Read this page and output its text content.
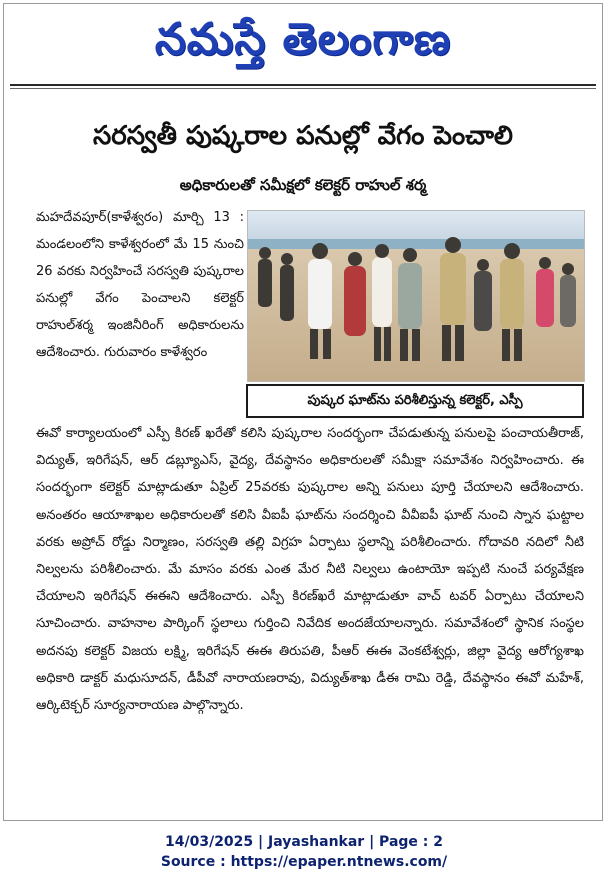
నమస్తే తెలంగాణ
సరస్వతీ పుష్కరాల పనుల్లో వేగం పెంచాలి
అధికారులతో సమీక్షలో కలెక్టర్ రాహుల్ శర్మ
మహదేవపూర్(కాళేశ్వరం) మార్చి 13 : మండలంలోని కాళేశ్వరంలో మే 15 నుంచి 26 వరకు నిర్వహించే సరస్వతి పుష్కరాల పనుల్లో వేగం పెంచాలని కలెక్టర్ రాహుల్‌శర్మ ఇంజినీరింగ్ అధికారులను ఆదేశించారు. గురువారం కాళేశ్వరం
పుష్కర ఘాట్‌ను పరిశీలిస్తున్న కలెక్టర్, ఎస్పీ

ఈవో కార్యాలయంలో ఎస్పీ కిరణ్ ఖరేతో కలిసి పుష్కరాల సందర్భంగా చేపడుతున్న పనులపై పంచాయతీరాజ్, విద్యుత్, ఇరిగేషన్, ఆర్ డబ్ల్యూఎస్, వైద్య, దేవస్థానం అధికారులతో సమీక్షా సమావేశం నిర్వహించారు. ఈ సందర్భంగా కలెక్టర్ మాట్లాడుతూ ఏప్రిల్ 25వరకు పుష్కరాల అన్ని పనులు పూర్తి చేయాలని ఆదేశించారు. అనంతరం ఆయాశాఖల అధికారులతో కలిసి వీఐపీ ఘాట్‌ను సందర్శించి వీవీఐపీ ఘాట్ నుంచి స్నాన ఘట్టాల వరకు అప్రోచ్ రోడ్డు నిర్మాణం, సరస్వతి తల్లి విగ్రహ ఏర్పాటు స్థలాన్ని పరిశీలించారు. గోదావరి నదిలో నీటి నిల్వలను పరిశీలించారు. మే మాసం వరకు ఎంత మేర నీటి నిల్వలు ఉంటాయో ఇప్పటి నుంచే పర్యవేక్షణ చేయాలని ఇరిగేషన్ ఈఈని ఆదేశించారు. ఎస్పీ కిరణ్‌ఖరే మాట్లాడుతూ వాచ్ టవర్ ఏర్పాటు చేయాలని సూచించారు. వాహనాల పార్కింగ్ స్థలాలు గుర్తించి నివేదిక అందజేయాలన్నారు. సమావేశంలో స్థానిక సంస్థల అదనపు కలెక్టర్ విజయ లక్ష్మి, ఇరిగేషన్ ఈఈ తిరుపతి, పీఆర్ ఈఈ వెంకటేశ్వర్లు, జిల్లా వైద్య ఆరోగ్యశాఖ అధికారి డాక్టర్ మధుసూదన్, డీపీవో నారాయణరావు, విద్యుత్‌శాఖ డీఈ రామి రెడ్డి, దేవస్థానం ఈవో మహేశ్, ఆర్కిటెక్చర్ సూర్యనారాయణ పాల్గొన్నారు.

14/03/2025 | Jayashankar | Page : 2
Source : https://epaper.ntnews.com/
